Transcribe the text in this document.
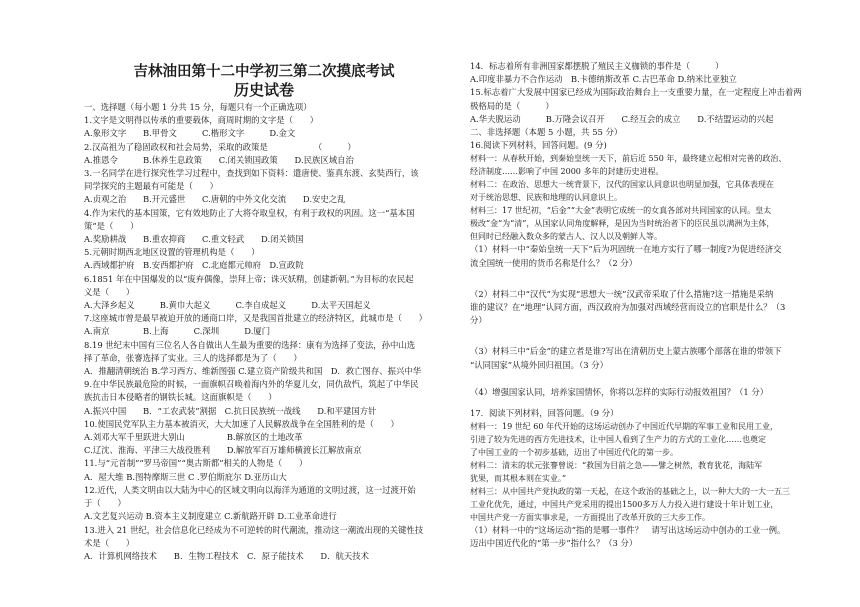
吉林油田第十二中学初三第二次摸底考试

历史试卷

一、选择题（每小题 1 分共 15 分，每题只有一个正确选项）

1.文字是文明得以传承的重要载体，商周时期的文字是（　　）

A.象形文字　　B.甲骨文　　　C.楷形文字　　　D.金文

2.汉高祖为了稳固政权和社会局势，采取的政策是　　　　　　（　　　）

A.推恩令　　　B.休养生息政策　　C.闭关锁国政策　　D.民族区域自治

3.一名同学在进行探究性学习过程中，查找到如下资料：遣唐使、鉴真东渡、玄奘西行，该

同学探究的主题最有可能是（　　）

A.贞观之治　　B.开元盛世　　C.唐朝的中外文化交流　　D.安史之乱

4.作为宋代的基本国策，它有效地防止了大将夺取皇权，有利于政权的巩固。这一“基本国

策”是（　　）

A.奖励耕战　　B.重农抑商　　C.重文轻武　　D.闭关锁国

5.元朝时期西北地区设置的管理机构是（　　）

A.西域都护府　B.安西都护府　C.北庭都元帅府　D.宣政院

6.1851 年在中国爆发的以“废弃偶像，崇拜上帝；诛灭妖精，创建新朝。”为目标的农民起

义是（　　）

A.大泽乡起义　　　B.黄巾大起义　　　C.李自成起义　　　D.太平天国起义

7.这座城市曾是最早被迫开放的通商口岸，又是我国首批建立的经济特区，此城市是（　　）

A.南京　　　　B.上海　　　C.深圳　　　D.厦门

8.19 世纪末中国有三位名人各自做出人生最为重要的选择：康有为选择了变法，孙中山选

择了革命，张謇选择了实业。三人的选择都是为了（　　）

A．推翻清朝统治 B.学习西方、维新图强 C.建立资产阶级共和国　D．救亡图存、振兴中华

9.在中华民族最危险的时候，一面旗帜召唤着海内外的华夏儿女，同仇敌忾，筑起了中华民

族抗击日本侵略者的钢铁长城。这面旗帜是（　　）

A.振兴中国　　B．“工农武装”割据　C.抗日民族统一战线　　D.和平建国方针

10.使国民党军队主力基本被消灭，大大加速了人民解放战争在全国胜利的是（　　）

A.刘邓大军千里跃进大别山　　　　　B.解放区的土地改革

C.辽沈、淮海、平津三大战役胜利　　D.解放军百万雄师横渡长江解放南京

11.与“元首制”“罗马帝国”“奥古斯都”相关的人物是（　　）

A．屋大维 B.图特摩斯三世 C .罗伯斯庇尔 D.亚历山大

12.近代，人类文明由以大陆为中心的区域文明向以海洋为通道的文明过渡，这一过渡开始

于（　　）

A.文艺复兴运动 B.资本主义制度建立 C.新航路开辟 D.工业革命进行

13.进入 21 世纪，社会信息化已经成为不可逆转的时代潮流，推动这一潮流出现的关键性技

术是（　　）

A．计算机网络技术　　B．生物工程技术　C．原子能技术　　D．航天技术

14．标志着所有非洲国家都摆脱了殖民主义枷锁的事件是（　　　）

A.印度非暴力不合作运动　B.卡德纳斯改革 C.古巴革命 D.纳米比亚独立

15.标志着广大发展中国家已经成为国际政治舞台上一支重要力量，在一定程度上冲击着两

极格局的是（　　　）

A.华夫脱运动　　　B.万隆会议召开　　C.经互会的成立　　D.不结盟运动的兴起

二、非选择题（本题 5 小题，共 55 分）

16.阅读下列材料，回答问题。(9 分)

材料一：从春秋开始，到秦始皇统一天下，前后近 550 年，最终建立起相对完善的政治、

经济制度……影响了中国 2000 多年的封建历史进程。

材料二：在政治、思想大一统背景下，汉代的国家认同意识也明显加强，它具体表现在

对于统治思想、民族和地理的认同意识上。

材料三：17 世纪初，“后金”“大金”表明它成统一的女真各部对共同国家的认同。皇太

极改“金”为“清”，从国家认同角度解释，是因为当时统治者下的臣民虽以满洲为主体，

但同时已经融入数众多的蒙古人、汉人以及朝鲜人等。

（1）材料一中“秦始皇统一天下”后为巩固统一在地方实行了哪一制度?为促进经济交

流全国统一使用的货币名称是什么？（2 分）

（2）材料二中“汉代”为实现“思想大一统”汉武帝采取了什么措施?这一措施是采纳

谁的建议？在“地理”认同方面，西汉政府为加强对西域经营而设立的官职是什么？（3

分）

（3）材料三中“后金”的建立者是谁?写出在清朝历史上蒙古族哪个部落在谁的带领下

“认同国家”从境外回归祖国。（3 分）

（4）增强国家认同，培养家国情怀，你将以怎样的实际行动报效祖国？（1 分）

17．阅读下列材料，回答问题。（9 分）

材料一：19 世纪 60 年代开始的这场运动创办了中国近代早期的军事工业和民用工业，

引进了较为先进的西方先进技术，让中国人看到了生产力的方式的工业化……也奠定

了中国工业的一个初步基础，迈出了中国近代化的第一步。

材料二：清末的状元张謇曾说：“救国为目前之急——譬之树然，教育犹花，海陆军

犹果，而其根本则在实业。”

材料三：从中国共产党执政的第一天起，在这个政治的基础之上，以一种大大的一大一五三

工业化优先，通过，中国共产党采用的提出1500多万人力投入进行建设十年计划工业，

中国共产党一方面实事求是，一方面提出了改革开放的三大步工作。

（1）材料一中的“这场运动”指的是哪一事件？　请写出这场运动中创办的工业一例。

迈出中国近代化的“第一步”指什么？（3 分）
